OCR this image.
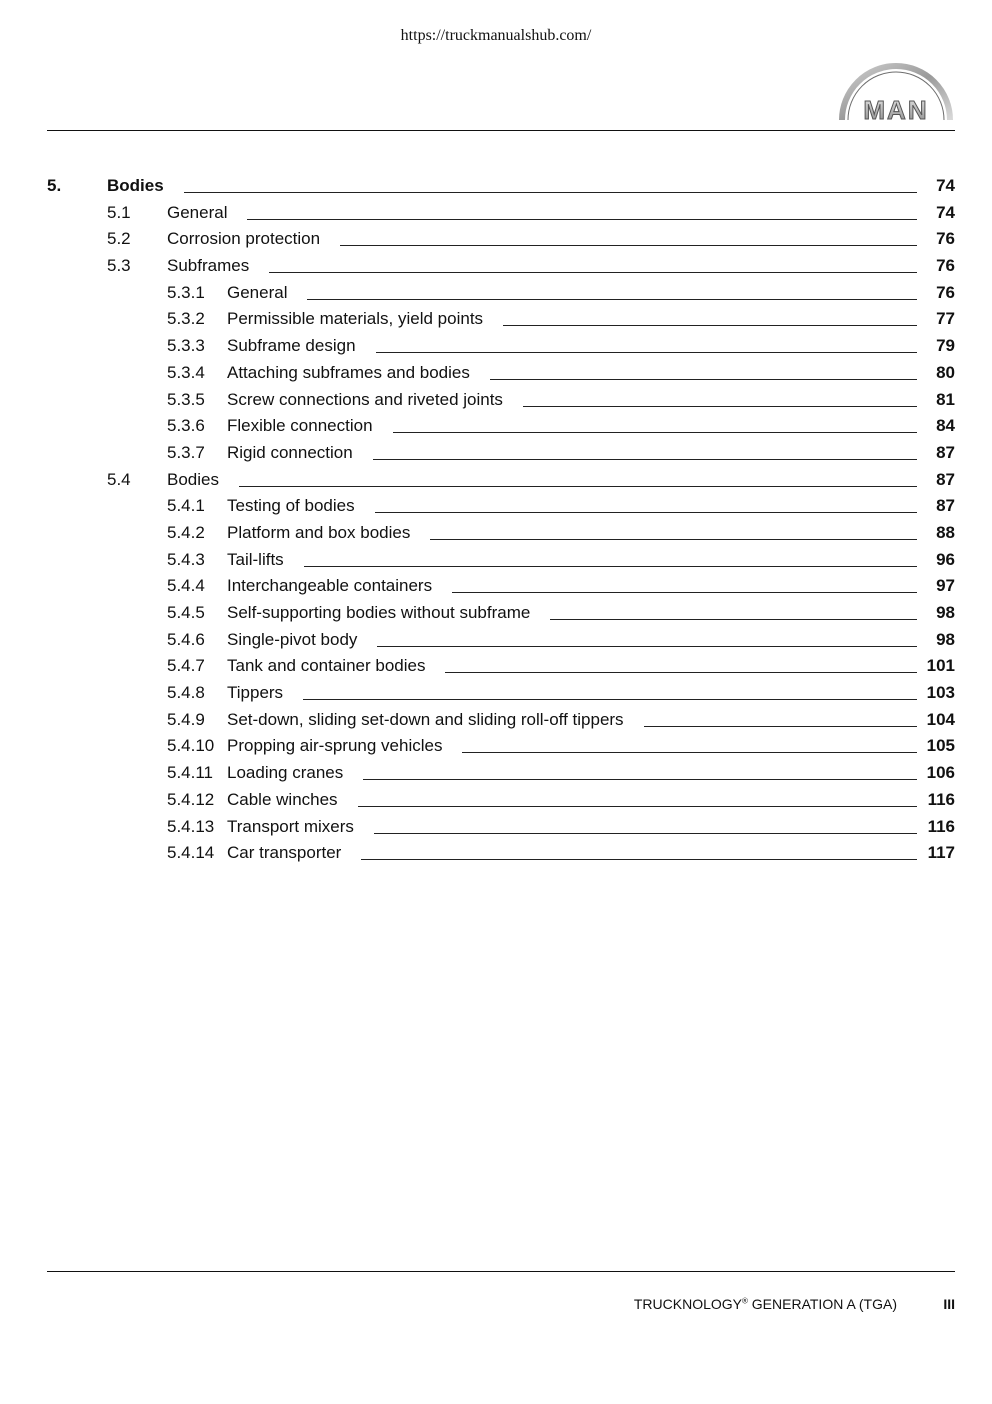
https://truckmanualshub.com/
MAN
5.	Bodies	74
5.1 General	74
5.2 Corrosion protection	76
5.3 Subframes	76
5.3.1 General	76
5.3.2 Permissible materials, yield points	77
5.3.3 Subframe design	79
5.3.4 Attaching subframes and bodies	80
5.3.5 Screw connections and riveted joints	81
5.3.6 Flexible connection	84
5.3.7 Rigid connection	87
5.4 Bodies	87
5.4.1 Testing of bodies	87
5.4.2 Platform and box bodies	88
5.4.3 Tail-lifts	96
5.4.4 Interchangeable containers	97
5.4.5 Self-supporting bodies without subframe	98
5.4.6 Single-pivot body	98
5.4.7 Tank and container bodies	101
5.4.8 Tippers	103
5.4.9 Set-down, sliding set-down and sliding roll-off tippers	104
5.4.10 Propping air-sprung vehicles	105
5.4.11 Loading cranes	106
5.4.12 Cable winches	116
5.4.13 Transport mixers	116
5.4.14 Car transporter	117
TRUCKNOLOGY® GENERATION A (TGA)	III
